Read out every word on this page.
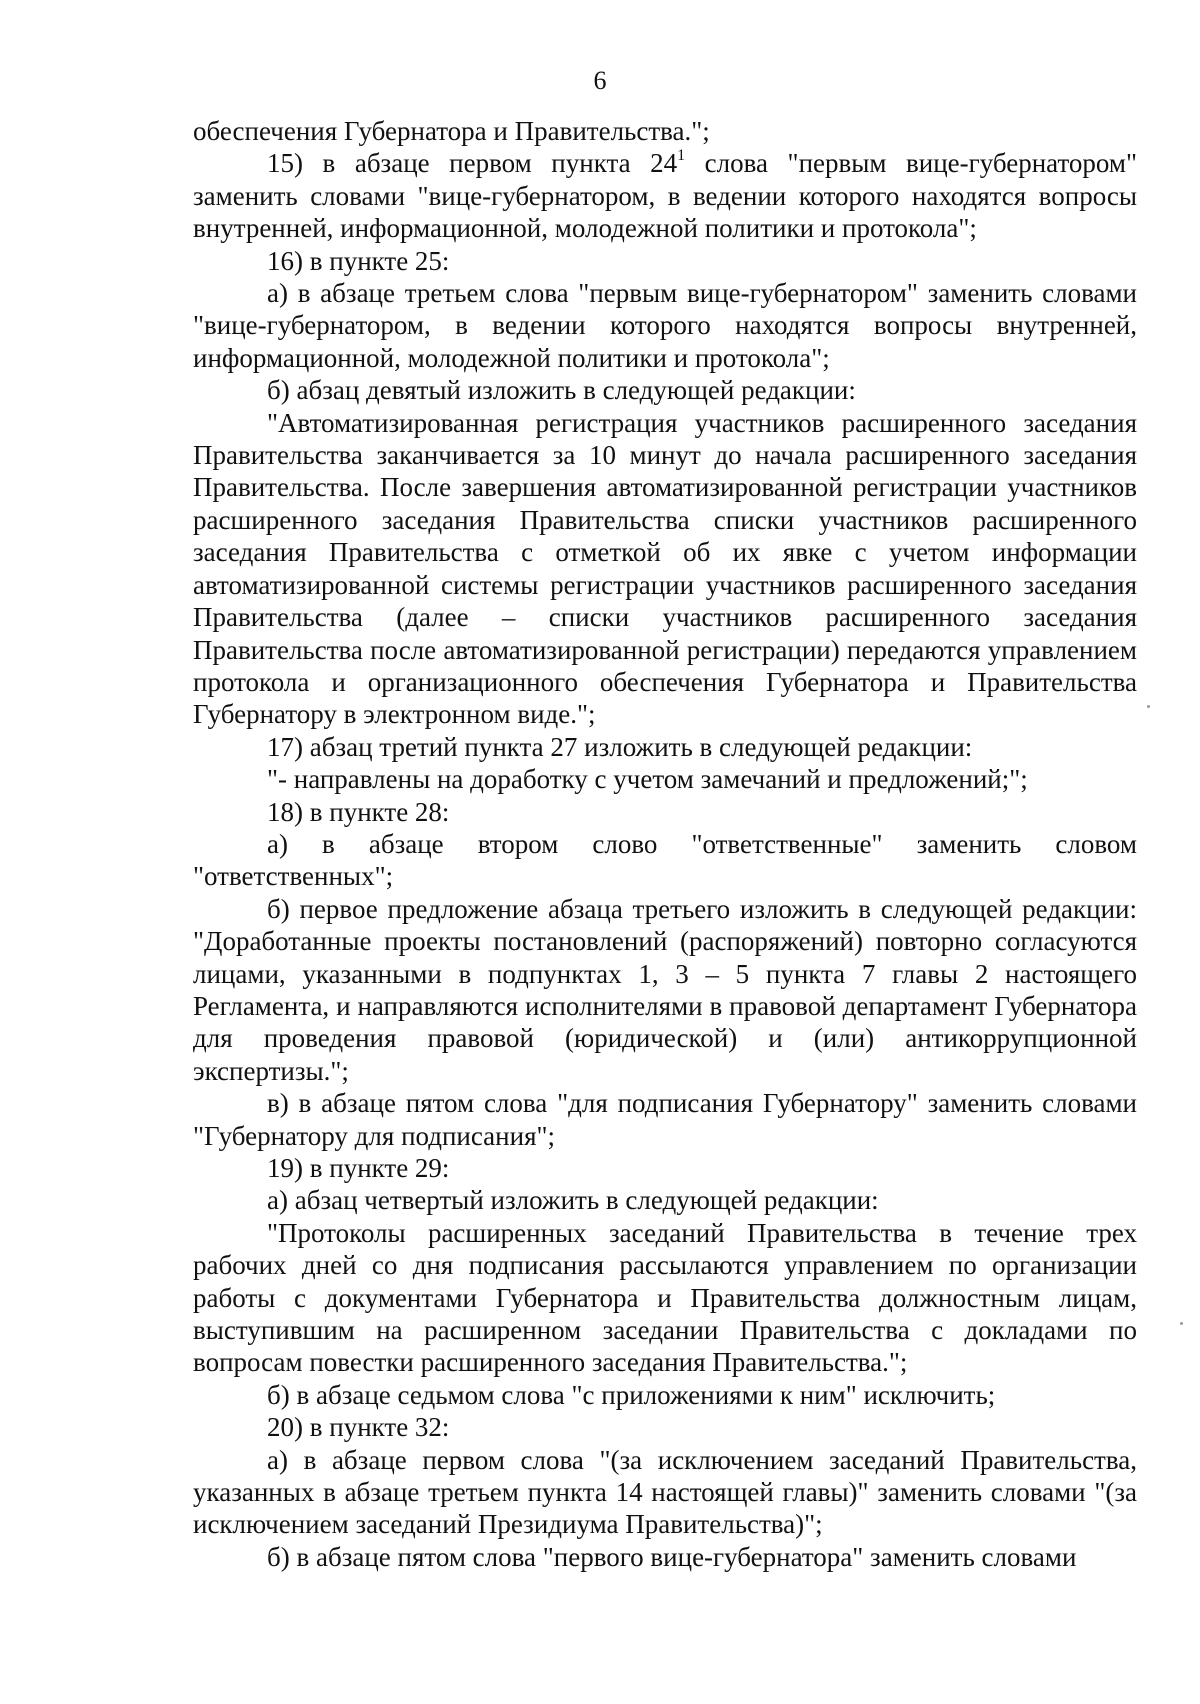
6

обеспечения Губернатора и Правительства.";

15) в абзаце первом пункта $24^1$ слова "первым вице-губернатором" заменить словами "вице-губернатором, в ведении которого находятся вопросы внутренней, информационной, молодежной политики и протокола";

16) в пункте 25:

а) в абзаце третьем слова "первым вице-губернатором" заменить словами "вице-губернатором, в ведении которого находятся вопросы внутренней, информационной, молодежной политики и протокола";

б) абзац девятый изложить в следующей редакции:

"Автоматизированная регистрация участников расширенного заседания Правительства заканчивается за 10 минут до начала расширенного заседания Правительства. После завершения автоматизированной регистрации участников расширенного заседания Правительства списки участников расширенного заседания Правительства с отметкой об их явке с учетом информации автоматизированной системы регистрации участников расширенного заседания Правительства (далее – списки участников расширенного заседания Правительства после автоматизированной регистрации) передаются управлением протокола и организационного обеспечения Губернатора и Правительства Губернатору в электронном виде.";

17) абзац третий пункта 27 изложить в следующей редакции:

"- направлены на доработку с учетом замечаний и предложений;";

18) в пункте 28:

а) в абзаце втором слово "ответственные" заменить словом "ответственных";

б) первое предложение абзаца третьего изложить в следующей редакции: "Доработанные проекты постановлений (распоряжений) повторно согласуются лицами, указанными в подпунктах 1, 3 – 5 пункта 7 главы 2 настоящего Регламента, и направляются исполнителями в правовой департамент Губернатора для проведения правовой (юридической) и (или) антикоррупционной экспертизы.";

в) в абзаце пятом слова "для подписания Губернатору" заменить словами "Губернатору для подписания";

19) в пункте 29:

а) абзац четвертый изложить в следующей редакции:

"Протоколы расширенных заседаний Правительства в течение трех рабочих дней со дня подписания рассылаются управлением по организации работы с документами Губернатора и Правительства должностным лицам, выступившим на расширенном заседании Правительства с докладами по вопросам повестки расширенного заседания Правительства.";

б) в абзаце седьмом слова "с приложениями к ним" исключить;

20) в пункте 32:

а) в абзаце первом слова "(за исключением заседаний Правительства, указанных в абзаце третьем пункта 14 настоящей главы)" заменить словами "(за исключением заседаний Президиума Правительства)";

б) в абзаце пятом слова "первого вице-губернатора" заменить словами
